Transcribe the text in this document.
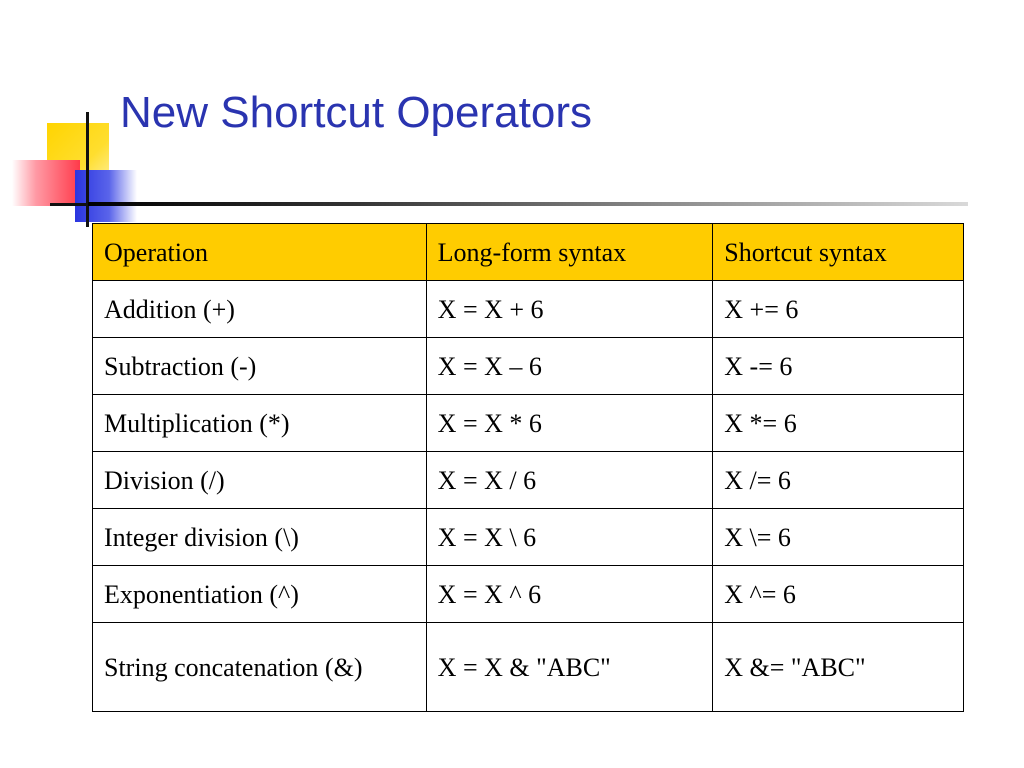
New Shortcut Operators
Operation	Long-form syntax	Shortcut syntax
Addition (+)	X = X + 6	X += 6
Subtraction (-)	X = X – 6	X -= 6
Multiplication (*)	X = X * 6	X *= 6
Division (/)	X = X / 6	X /= 6
Integer division (\)	X = X \ 6	X \= 6
Exponentiation (^)	X = X ^ 6	X ^= 6
String concatenation (&)	X = X & "ABC"	X &= "ABC"
